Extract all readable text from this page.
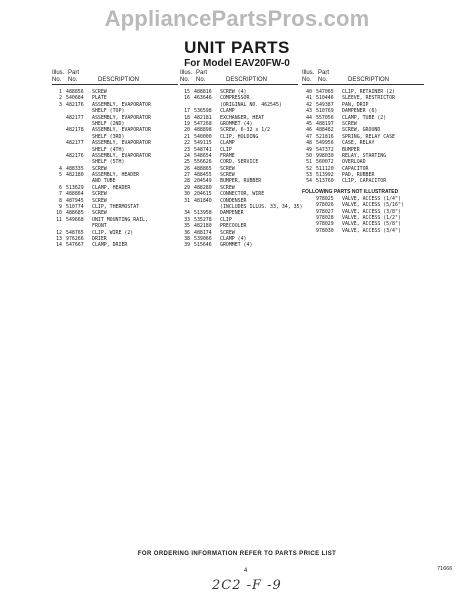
AppliancePartsPros.com
UNIT PARTS
For Model EAV20FW-0
Illus. Part
No. No.	DESCRIPTION
1 488856 SCREW
2 540684 PLATE
3 482176 ASSEMBLY, EVAPORATOR
SHELF (TOP)
482177 ASSEMBLY, EVAPORATOR
SHELF (2ND)
482178 ASSEMBLY, EVAPORATOR
SHELF (3RD)
482177 ASSEMBLY, EVAPORATOR
SHELF (4TH)
482176 ASSEMBLY, EVAPORATOR
SHELF (5TH)
4 488335 SCREW
5 482180 ASSEMBLY, HEADER
AND TUBE
6 513629 CLAMP, HEADER
7 488864 SCREW
8 487945 SCREW
9 510774 CLIP, THERMOSTAT
10 488685 SCREW
11 549668 UNIT MOUNTING RAIL,
FRONT
12 548765 CLIP, WIRE (2)
13 976266 DRIER
14 547667 CLAMP, DRIER
Illus. Part
No. No.	DESCRIPTION
15 488816 SCREW (4)
16 463646 COMPRESSOR
(ORIGINAL NO. 462545)
17 536598 CLAMP
18 482181 EXCHANGER, HEAT
19 547268 GROMMET (4)
20 488898 SCREW, 6-32 x 1/2
21 540000 CLIP, HOLDING
22 549115 CLAMP
23 548741 CLIP
24 548654 FRAME
25 556626 CORD, SERVICE
26 488865 SCREW
27 488455 SCREW
28 204549 BUMPER, RUBBER
29 488280 SCREW
30 204615 CONNECTOR, WIRE
31 481840 CONDENSER
(INCLUDES ILLUS. 33, 34, 35)
34 513958 DAMPENER
33 535278 CLIP
35 482180 PRECOOLER
36 488174 SCREW
38 539066 CLAMP (4)
39 515646 GROMMET (4)
Illus. Part
No. No.	DESCRIPTION
40 547065 CLIP, RETAINER (2)
41 510446 SLEEVE, RESTRICTOR
42 549387 PAN, DRIP
43 510769 DAMPENER (6)
44 557056 CLAMP, TUBE (2)
45 488197 SCREW
46 488482 SCREW, GROUND
47 521816 SPRING, RELAY CASE
48 549956 CASE, RELAY
49 547372 BUMPER
50 998030 RELAY, STARTING
51 560072 OVERLOAD
52 511120 CAPACITOR
53 513992 PAD, RUBBER
54 513760 CLIP, CAPACITOR
FOLLOWING PARTS NOT ILLUSTRATED
978025 VALVE, ACCESS (1/4")
978026 VALVE, ACCESS (5/16")
978027 VALVE, ACCESS (3/8")
978028 VALVE, ACCESS (1/2")
978029 VALVE, ACCESS (5/8")
978030 VALVE, ACCESS (3/4")
FOR ORDERING INFORMATION REFER TO PARTS PRICE LIST
4	71666
2C2 -F -9
